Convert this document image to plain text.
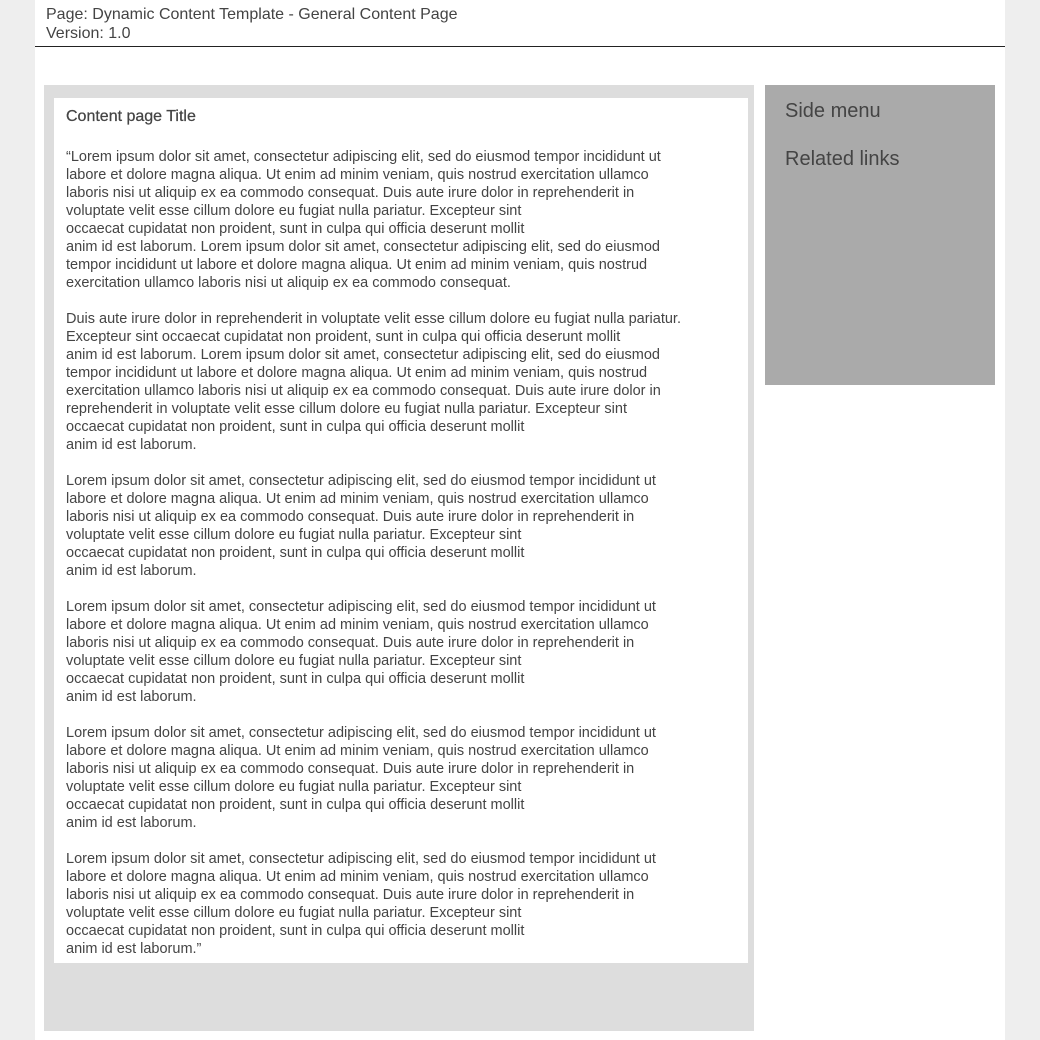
Page: Dynamic Content Template - General Content Page
Version: 1.0
Content page Title

“Lorem ipsum dolor sit amet, consectetur adipiscing elit, sed do eiusmod tempor incididunt ut
labore et dolore magna aliqua. Ut enim ad minim veniam, quis nostrud exercitation ullamco
laboris nisi ut aliquip ex ea commodo consequat. Duis aute irure dolor in reprehenderit in
voluptate velit esse cillum dolore eu fugiat nulla pariatur. Excepteur sint
occaecat cupidatat non proident, sunt in culpa qui officia deserunt mollit
anim id est laborum. Lorem ipsum dolor sit amet, consectetur adipiscing elit, sed do eiusmod
tempor incididunt ut labore et dolore magna aliqua. Ut enim ad minim veniam, quis nostrud
exercitation ullamco laboris nisi ut aliquip ex ea commodo consequat.

Duis aute irure dolor in reprehenderit in voluptate velit esse cillum dolore eu fugiat nulla pariatur.
Excepteur sint occaecat cupidatat non proident, sunt in culpa qui officia deserunt mollit
anim id est laborum. Lorem ipsum dolor sit amet, consectetur adipiscing elit, sed do eiusmod
tempor incididunt ut labore et dolore magna aliqua. Ut enim ad minim veniam, quis nostrud
exercitation ullamco laboris nisi ut aliquip ex ea commodo consequat. Duis aute irure dolor in
reprehenderit in voluptate velit esse cillum dolore eu fugiat nulla pariatur. Excepteur sint
occaecat cupidatat non proident, sunt in culpa qui officia deserunt mollit
anim id est laborum.

Lorem ipsum dolor sit amet, consectetur adipiscing elit, sed do eiusmod tempor incididunt ut
labore et dolore magna aliqua. Ut enim ad minim veniam, quis nostrud exercitation ullamco
laboris nisi ut aliquip ex ea commodo consequat. Duis aute irure dolor in reprehenderit in
voluptate velit esse cillum dolore eu fugiat nulla pariatur. Excepteur sint
occaecat cupidatat non proident, sunt in culpa qui officia deserunt mollit
anim id est laborum.

Lorem ipsum dolor sit amet, consectetur adipiscing elit, sed do eiusmod tempor incididunt ut
labore et dolore magna aliqua. Ut enim ad minim veniam, quis nostrud exercitation ullamco
laboris nisi ut aliquip ex ea commodo consequat. Duis aute irure dolor in reprehenderit in
voluptate velit esse cillum dolore eu fugiat nulla pariatur. Excepteur sint
occaecat cupidatat non proident, sunt in culpa qui officia deserunt mollit
anim id est laborum.

Lorem ipsum dolor sit amet, consectetur adipiscing elit, sed do eiusmod tempor incididunt ut
labore et dolore magna aliqua. Ut enim ad minim veniam, quis nostrud exercitation ullamco
laboris nisi ut aliquip ex ea commodo consequat. Duis aute irure dolor in reprehenderit in
voluptate velit esse cillum dolore eu fugiat nulla pariatur. Excepteur sint
occaecat cupidatat non proident, sunt in culpa qui officia deserunt mollit
anim id est laborum.

Lorem ipsum dolor sit amet, consectetur adipiscing elit, sed do eiusmod tempor incididunt ut
labore et dolore magna aliqua. Ut enim ad minim veniam, quis nostrud exercitation ullamco
laboris nisi ut aliquip ex ea commodo consequat. Duis aute irure dolor in reprehenderit in
voluptate velit esse cillum dolore eu fugiat nulla pariatur. Excepteur sint
occaecat cupidatat non proident, sunt in culpa qui officia deserunt mollit
anim id est laborum.”

Side menu
Related links
